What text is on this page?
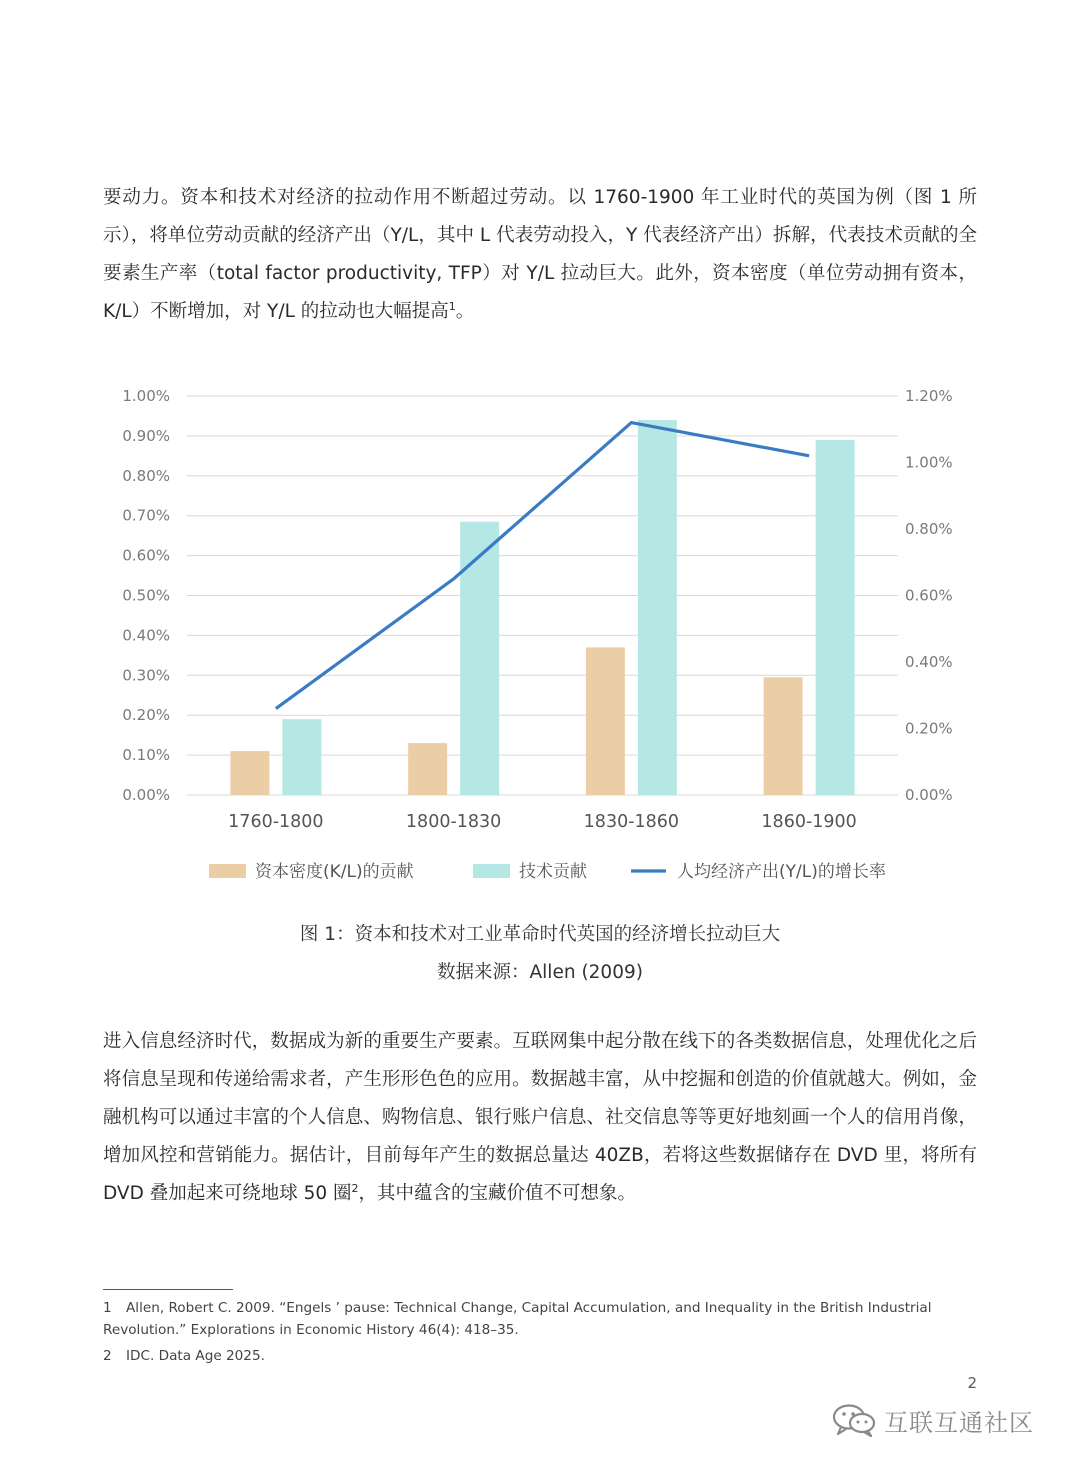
要动力。资本和技术对经济的拉动作用不断超过劳动。以 1760-1900 年工业时代的英国为例（图 1 所示），将单位劳动贡献的经济产出（Y/L，其中 L 代表劳动投入，Y 代表经济产出）拆解，代表技术贡献的全要素生产率（total factor productivity, TFP）对 Y/L 拉动巨大。此外，资本密度（单位劳动拥有资本，K/L）不断增加，对 Y/L 的拉动也大幅提高$^1$。

0.00%
0.10%
0.20%
0.30%
0.40%
0.50%
0.60%
0.70%
0.80%
0.90%
1.00%
0.00%
0.20%
0.40%
0.60%
0.80%
1.00%
1.20%
1760-1800	1800-1830	1830-1860	1860-1900
资本密度(K/L)的贡献	技术贡献	人均经济产出(Y/L)的增长率

图 1：资本和技术对工业革命时代英国的经济增长拉动巨大

数据来源：Allen (2009)

进入信息经济时代，数据成为新的重要生产要素。互联网集中起分散在线下的各类数据信息，处理优化之后将信息呈现和传递给需求者，产生形形色色的应用。数据越丰富，从中挖掘和创造的价值就越大。例如，金融机构可以通过丰富的个人信息、购物信息、银行账户信息、社交信息等等更好地刻画一个人的信用肖像，增加风控和营销能力。据估计，目前每年产生的数据总量达 40ZB，若将这些数据储存在 DVD 里，将所有 DVD 叠加起来可绕地球 50 圈$^2$，其中蕴含的宝藏价值不可想象。

1 Allen, Robert C. 2009. “Engels ’ pause: Technical Change, Capital Accumulation, and Inequality in the British Industrial Revolution.” Explorations in Economic History 46(4): 418–35.

2 IDC. Data Age 2025.

2
互联互通社区
